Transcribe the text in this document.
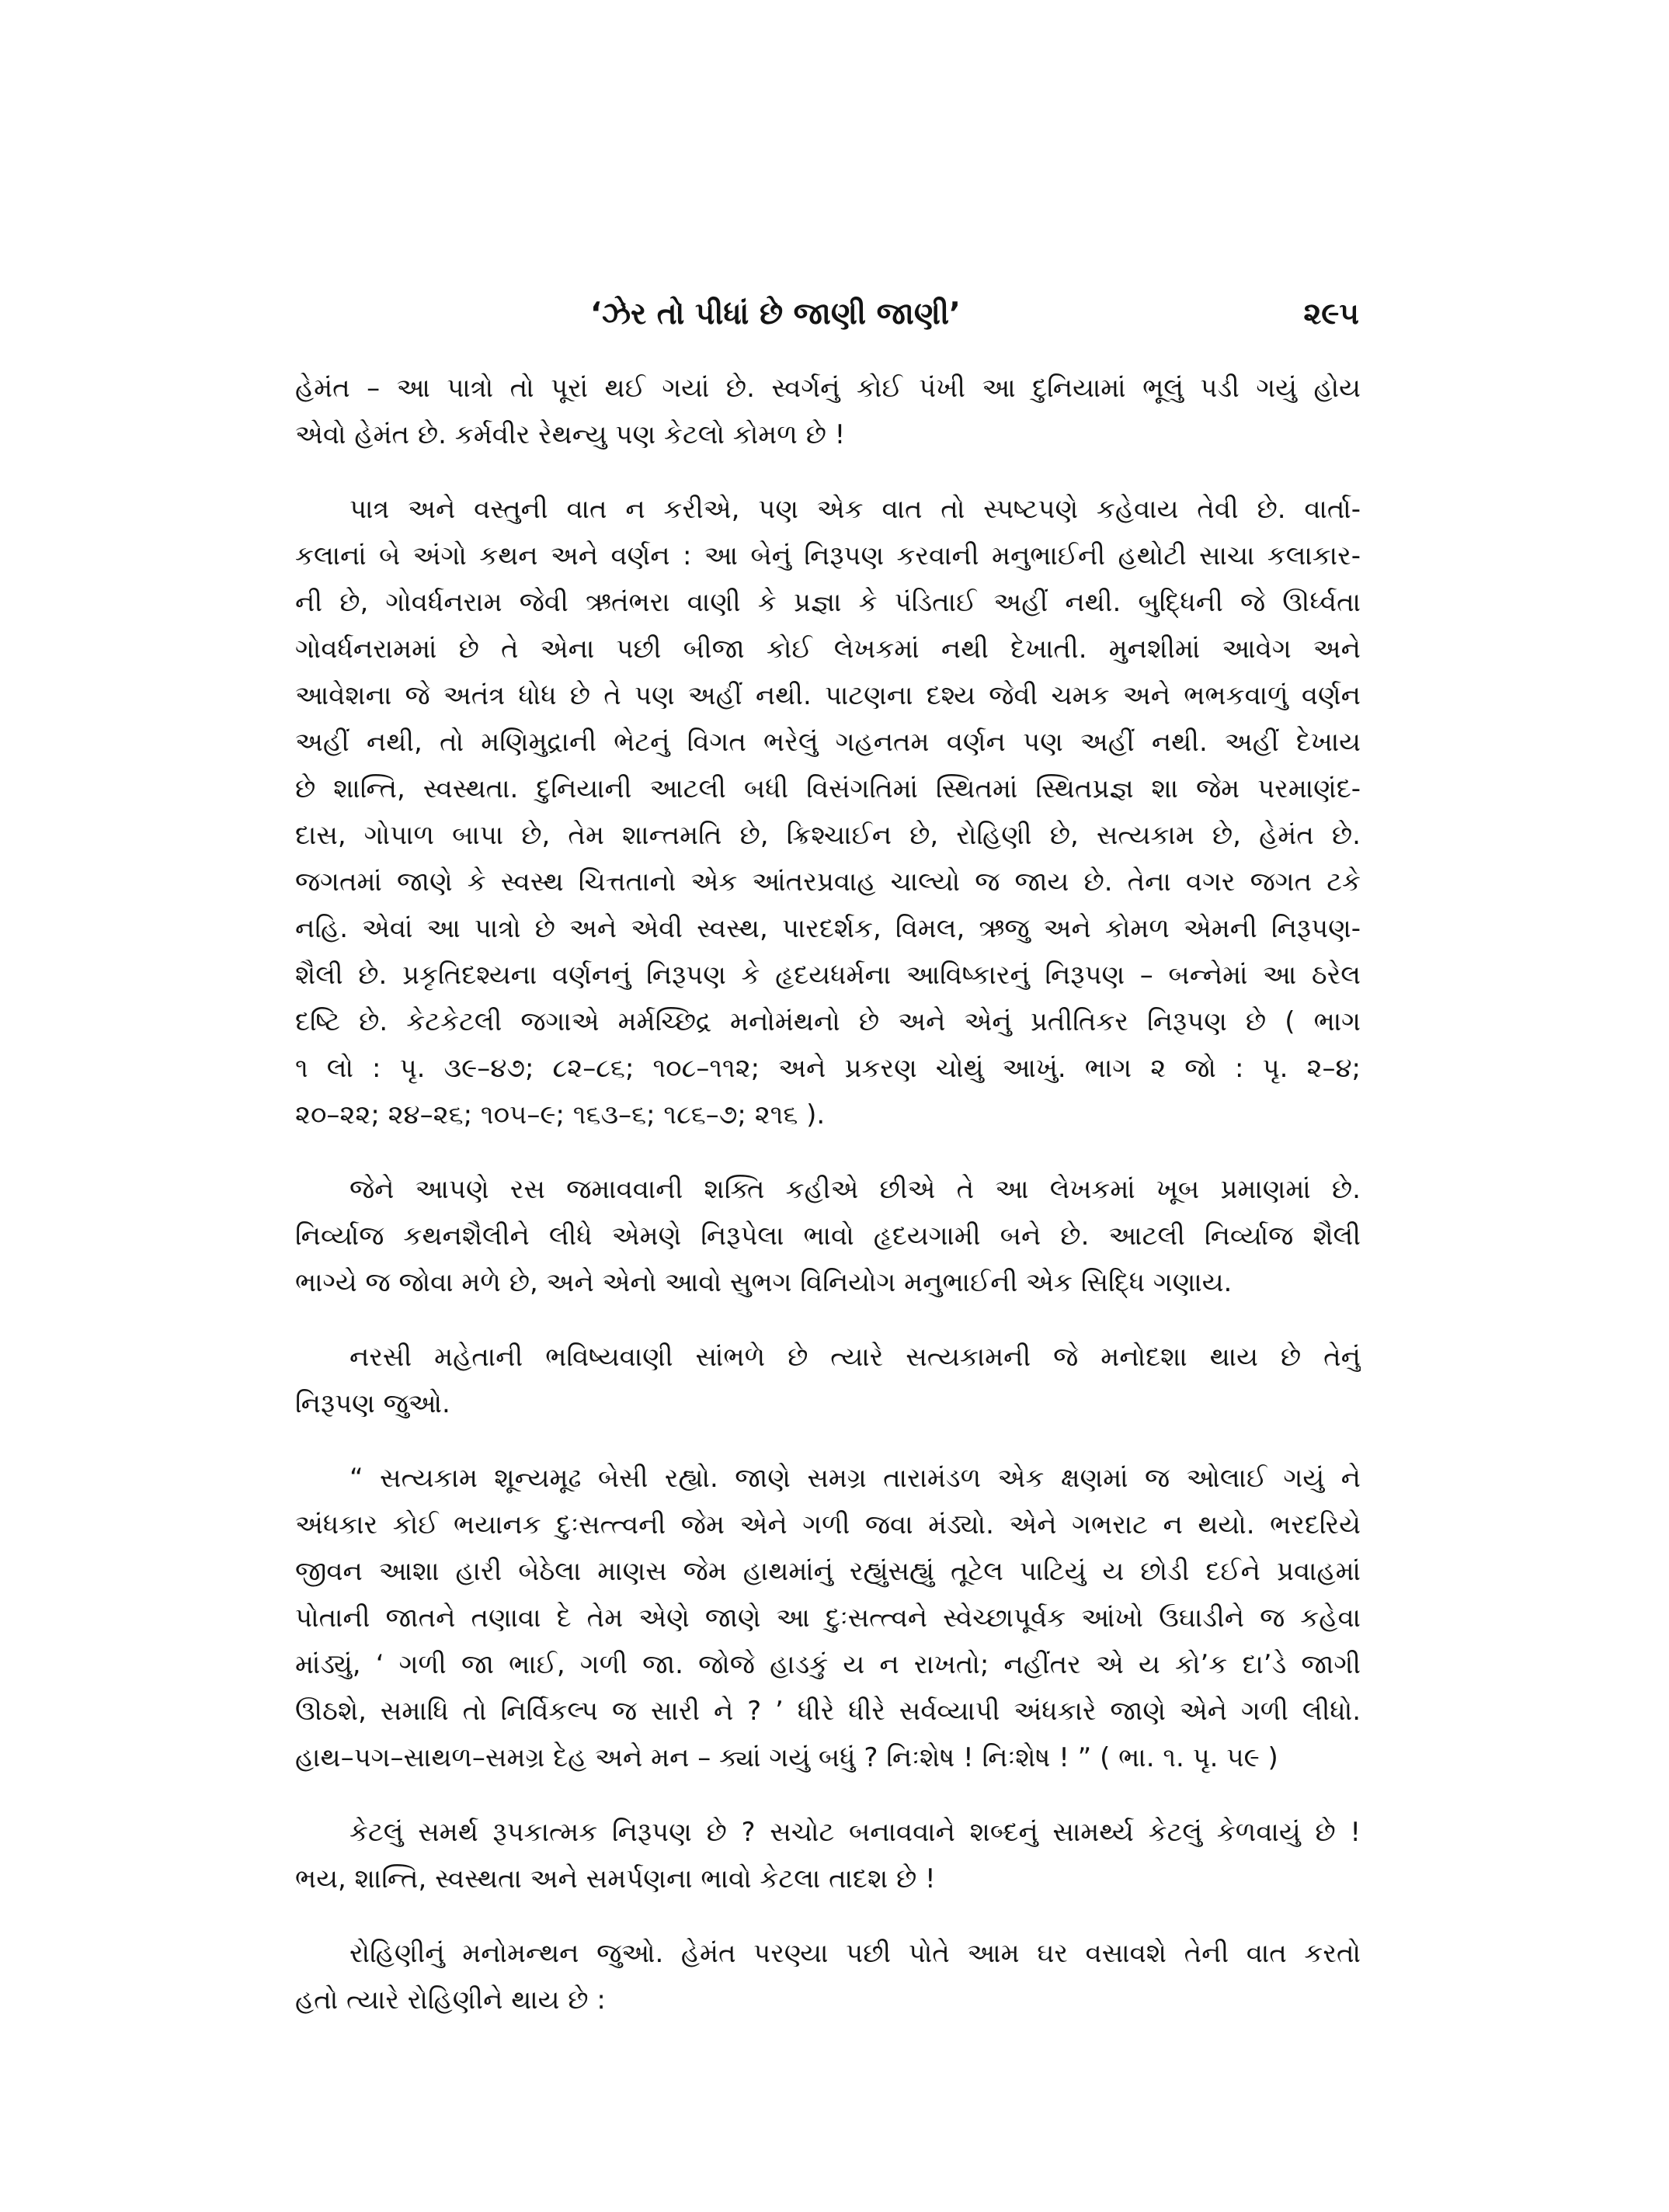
‘ઝેર તો પીધાં છે જાણી જાણી’	૨૯૫
હેમંત – આ પાત્રો તો પૂરાં થઈ ગયાં છે. સ્વર્ગનું કોઈ પંખી આ દુનિયામાં ભૂલું પડી ગયું હોય
એવો હેમંત છે. કર્મવીર રેથન્યુ પણ કેટલો કોમળ છે !
પાત્ર અને વસ્તુની વાત ન કરીએ, પણ એક વાત તો સ્પષ્ટપણે કહેવાય તેવી છે. વાર્તા-
કલાનાં બે અંગો કથન અને વર્ણન : આ બેનું નિરૂપણ કરવાની મનુભાઈની હથોટી સાચા કલાકાર-
ની છે, ગોવર્ધનરામ જેવી ઋતંભરા વાણી કે પ્રજ્ઞા કે પંડિતાઈ અહીં નથી. બુદ્ધિની જે ઊર્ધ્વતા
ગોવર્ધનરામમાં છે તે એના પછી બીજા કોઈ લેખકમાં નથી દેખાતી. મુનશીમાં આવેગ અને
આવેશના જે અતંત્ર ધોધ છે તે પણ અહીં નથી. પાટણના દશ્ય જેવી ચમક અને ભભકવાળું વર્ણન
અહીં નથી, તો મણિમુદ્રાની ભેટનું વિગત ભરેલું ગહનતમ વર્ણન પણ અહીં નથી. અહીં દેખાય
છે શાન્તિ, સ્વસ્થતા. દુનિયાની આટલી બધી વિસંગતિમાં સ્થિતમાં સ્થિતપ્રજ્ઞ શા જેમ પરમાણંદ-
દાસ, ગોપાળ બાપા છે, તેમ શાન્તમતિ છે, ક્રિશ્ચાઈન છે, રોહિણી છે, સત્યકામ છે, હેમંત છે.
જગતમાં જાણે કે સ્વસ્થ ચિત્તતાનો એક આંતરપ્રવાહ ચાલ્યો જ જાય છે. તેના વગર જગત ટકે
નહિ. એવાં આ પાત્રો છે અને એવી સ્વસ્થ, પારદર્શક, વિમલ, ઋજુ અને કોમળ એમની નિરૂપણ-
શૈલી છે. પ્રકૃતિદશ્યના વર્ણનનું નિરૂપણ કે હૃદયધર્મના આવિષ્કારનું નિરૂપણ – બન્નેમાં આ ઠરેલ
દષ્ટિ છે. કેટકેટલી જગાએ મર્મચ્છિદ્ર મનોમંથનો છે અને એનું પ્રતીતિકર નિરૂપણ છે ( ભાગ
૧ લો : પૃ. ૩૯–૪૭; ૮૨–૮૬; ૧૦૮–૧૧૨; અને પ્રકરણ ચોથું આખું. ભાગ ૨ જો : પૃ. ૨–૪;
૨૦–૨૨; ૨૪–૨૬; ૧૦૫–૯; ૧૬૩–૬; ૧૮૬–૭; ૨૧૬ ).
જેને આપણે રસ જમાવવાની શક્તિ કહીએ છીએ તે આ લેખકમાં ખૂબ પ્રમાણમાં છે.
નિર્વ્યાજ કથનશૈલીને લીધે એમણે નિરૂપેલા ભાવો હૃદયગામી બને છે. આટલી નિર્વ્યાજ શૈલી
ભાગ્યે જ જોવા મળે છે, અને એનો આવો સુભગ વિનિયોગ મનુભાઈની એક સિદ્ધિ ગણાય.
નરસી મહેતાની ભવિષ્યવાણી સાંભળે છે ત્યારે સત્યકામની જે મનોદશા થાય છે તેનું
નિરૂપણ જુઓ.
“ સત્યકામ શૂન્યમૂઢ બેસી રહ્યો. જાણે સમગ્ર તારામંડળ એક ક્ષણમાં જ ઓલાઈ ગયું ને
અંધકાર કોઈ ભયાનક દુઃસત્ત્વની જેમ એને ગળી જવા મંડ્યો. એને ગભરાટ ન થયો. ભરદરિયે
જીવન આશા હારી બેઠેલા માણસ જેમ હાથમાંનું રહ્યુંસહ્યું તૂટેલ પાટિયું ય છોડી દઈને પ્રવાહમાં
પોતાની જાતને તણાવા દે તેમ એણે જાણે આ દુઃસત્ત્વને સ્વેચ્છાપૂર્વક આંખો ઉઘાડીને જ કહેવા
માંડ્યું, ‘ ગળી જા ભાઈ, ગળી જા. જોજે હાડકું ય ન રાખતો; નહીંતર એ ય કો’ક દા’ડે જાગી
ઊઠશે, સમાધિ તો નિર્વિકલ્પ જ સારી ને ? ’ ધીરે ધીરે સર્વવ્યાપી અંધકારે જાણે એને ગળી લીધો.
હાથ–પગ–સાથળ–સમગ્ર દેહ અને મન – ક્યાં ગયું બધું ? નિઃશેષ ! નિઃશેષ ! ” ( ભા. ૧. પૃ. ૫૯ )
કેટલું સમર્થ રૂપકાત્મક નિરૂપણ છે ? સચોટ બનાવવાને શબ્દનું સામર્થ્ય કેટલું કેળવાયું છે !
ભય, શાન્તિ, સ્વસ્થતા અને સમર્પણના ભાવો કેટલા તાદશ છે !
રોહિણીનું મનોમન્થન જુઓ. હેમંત પરણ્યા પછી પોતે આમ ઘર વસાવશે તેની વાત કરતો
હતો ત્યારે રોહિણીને થાય છે :
